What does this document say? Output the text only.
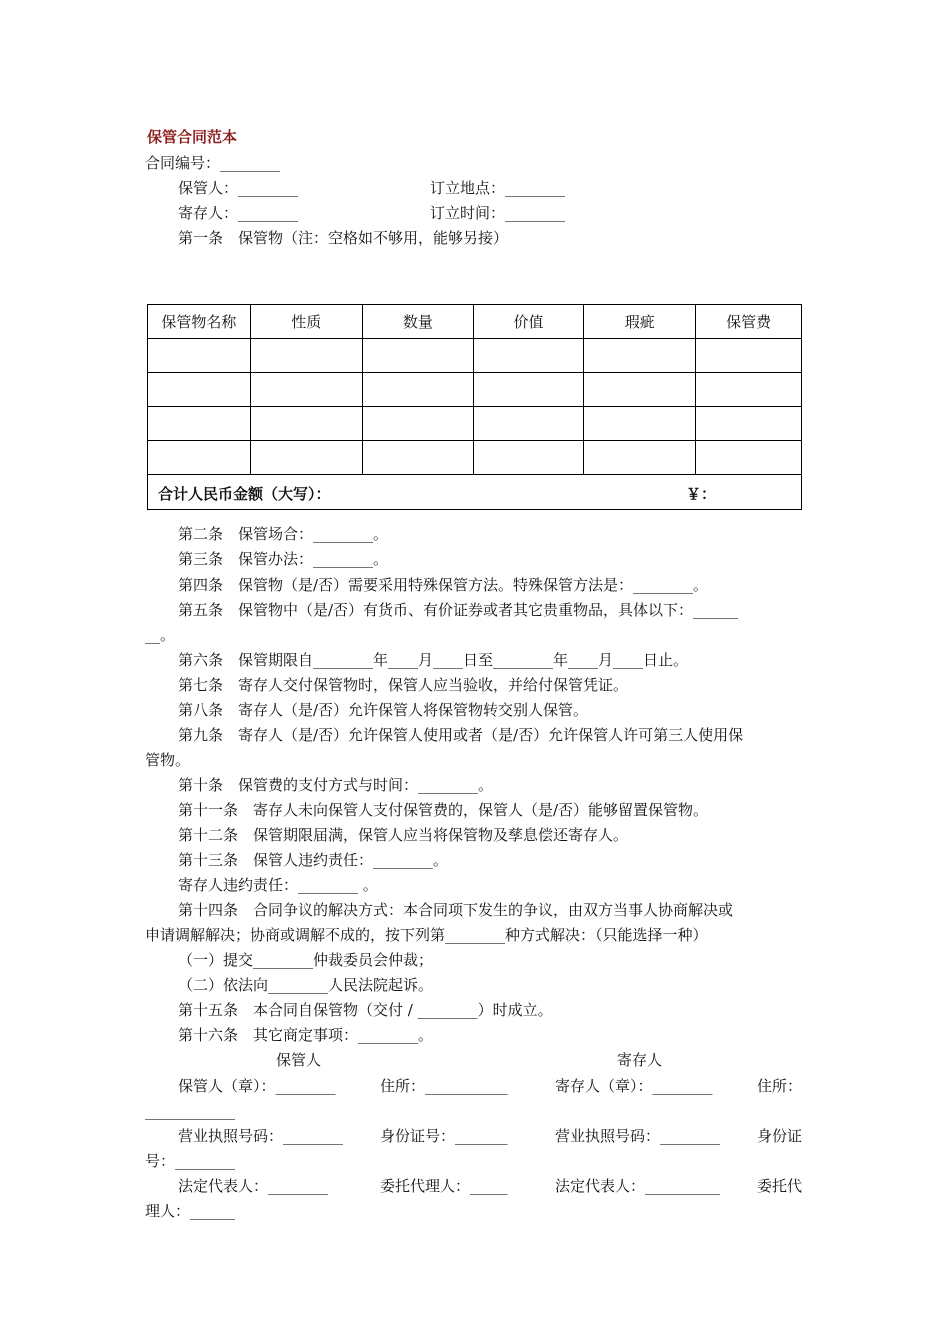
保管合同范本
合同编号：________
保管人：________	订立地点：________
寄存人：________	订立时间：________
第一条　保管物（注：空格如不够用，能够另接）
保管物名称	性质	数量	价值	瑕疵	保管费

合计人民币金额（大写）：	￥：
第二条　保管场合：________。
第三条　保管办法：________。
第四条　保管物（是/否）需要采用特殊保管方法。特殊保管方法是：________。
第五条　保管物中（是/否）有货币、有价证券或者其它贵重物品，具体以下：______
__。
第六条　保管期限自________年____月____日至________年____月____日止。
第七条　寄存人交付保管物时，保管人应当验收，并给付保管凭证。
第八条　寄存人（是/否）允许保管人将保管物转交别人保管。
第九条　寄存人（是/否）允许保管人使用或者（是/否）允许保管人许可第三人使用保
管物。
第十条　保管费的支付方式与时间：________。
第十一条　寄存人未向保管人支付保管费的，保管人（是/否）能够留置保管物。
第十二条　保管期限届满，保管人应当将保管物及孳息偿还寄存人。
第十三条　保管人违约责任：________。
寄存人违约责任：________ 。
第十四条　合同争议的解决方式：本合同项下发生的争议，由双方当事人协商解决或
申请调解解决；协商或调解不成的，按下列第________种方式解决：（只能选择一种）
（一）提交________仲裁委员会仲裁；
（二）依法向________人民法院起诉。
第十五条　本合同自保管物（交付 / ________）时成立。
第十六条　其它商定事项：________。
保管人	寄存人
保管人（章）：________	住所：___________	寄存人（章）：________	住所：
____________
营业执照号码：________ 身份证号：_______	营业执照号码：________ 身份证
号：________
法定代表人：________	委托代理人：_____	法定代表人：__________ 委托代
理人：______
